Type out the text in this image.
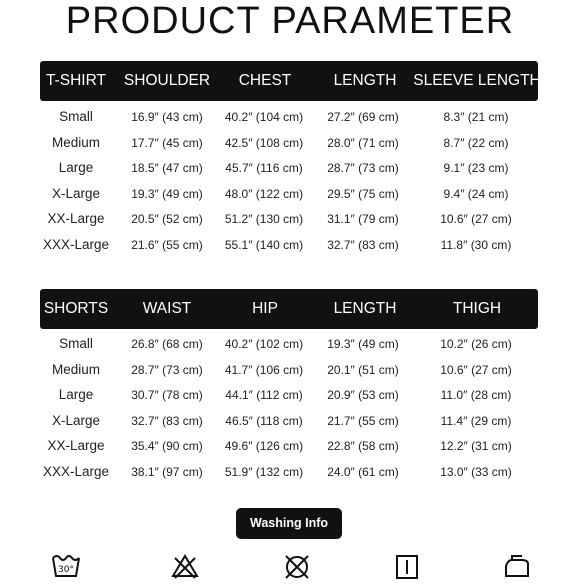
PRODUCT PARAMETER
T-SHIRT SHOULDER CHEST	LENGTH SLEEVE LENGTH
Small	16.9″ (43 cm) 40.2″ (104 cm) 27.2″ (69 cm)	8.3″ (21 cm)
Medium	17.7″ (45 cm) 42.5″ (108 cm) 28.0″ (71 cm)	8.7″ (22 cm)
Large	18.5″ (47 cm) 45.7″ (116 cm) 28.7″ (73 cm)	9.1″ (23 cm)
X-Large	19.3″ (49 cm) 48.0″ (122 cm) 29.5″ (75 cm)	9.4″ (24 cm)
XX-Large 20.5″ (52 cm) 51.2″ (130 cm) 31.1″ (79 cm)	10.6″ (27 cm)
XXX-Large 21.6″ (55 cm) 55.1″ (140 cm) 32.7″ (83 cm)	11.8″ (30 cm)
SHORTS WAIST	HIP	LENGTH	THIGH
Small	26.8″ (68 cm) 40.2″ (102 cm) 19.3″ (49 cm)	10.2″ (26 cm)
Medium	28.7″ (73 cm) 41.7″ (106 cm) 20.1″ (51 cm)	10.6″ (27 cm)
Large	30.7″ (78 cm) 44.1″ (112 cm) 20.9″ (53 cm)	11.0″ (28 cm)
X-Large	32.7″ (83 cm) 46.5″ (118 cm) 21.7″ (55 cm)	11.4″ (29 cm)
XX-Large 35.4″ (90 cm) 49.6″ (126 cm) 22.8″ (58 cm)	12.2″ (31 cm)
XXX-Large 38.1″ (97 cm) 51.9″ (132 cm) 24.0″ (61 cm)	13.0″ (33 cm)
Washing Info
30°
